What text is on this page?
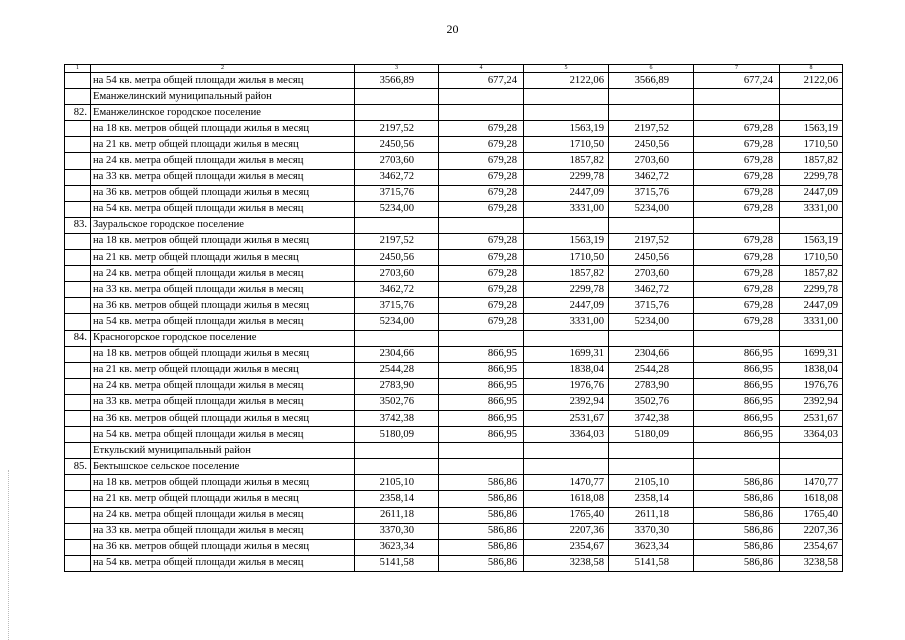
20
1	2	3	4	5	6	7	8
	на 54 кв. метра общей площади жилья в месяц	3566,89	677,24	2122,06	3566,89	677,24	2122,06
	Еманжелинский муниципальный район						
82.	Еманжелинское городское поселение						
	на 18 кв. метров общей площади жилья в месяц	2197,52	679,28	1563,19	2197,52	679,28	1563,19
	на 21 кв. метр общей площади жилья в месяц	2450,56	679,28	1710,50	2450,56	679,28	1710,50
	на 24 кв. метра общей площади жилья в месяц	2703,60	679,28	1857,82	2703,60	679,28	1857,82
	на 33 кв. метра общей площади жилья в месяц	3462,72	679,28	2299,78	3462,72	679,28	2299,78
	на 36 кв. метров общей площади жилья в месяц	3715,76	679,28	2447,09	3715,76	679,28	2447,09
	на 54 кв. метра общей площади жилья в месяц	5234,00	679,28	3331,00	5234,00	679,28	3331,00
83.	Зауральское городское поселение						
	на 18 кв. метров общей площади жилья в месяц	2197,52	679,28	1563,19	2197,52	679,28	1563,19
	на 21 кв. метр общей площади жилья в месяц	2450,56	679,28	1710,50	2450,56	679,28	1710,50
	на 24 кв. метра общей площади жилья в месяц	2703,60	679,28	1857,82	2703,60	679,28	1857,82
	на 33 кв. метра общей площади жилья в месяц	3462,72	679,28	2299,78	3462,72	679,28	2299,78
	на 36 кв. метров общей площади жилья в месяц	3715,76	679,28	2447,09	3715,76	679,28	2447,09
	на 54 кв. метра общей площади жилья в месяц	5234,00	679,28	3331,00	5234,00	679,28	3331,00
84.	Красногорское городское поселение						
	на 18 кв. метров общей площади жилья в месяц	2304,66	866,95	1699,31	2304,66	866,95	1699,31
	на 21 кв. метр общей площади жилья в месяц	2544,28	866,95	1838,04	2544,28	866,95	1838,04
	на 24 кв. метра общей площади жилья в месяц	2783,90	866,95	1976,76	2783,90	866,95	1976,76
	на 33 кв. метра общей площади жилья в месяц	3502,76	866,95	2392,94	3502,76	866,95	2392,94
	на 36 кв. метров общей площади жилья в месяц	3742,38	866,95	2531,67	3742,38	866,95	2531,67
	на 54 кв. метра общей площади жилья в месяц	5180,09	866,95	3364,03	5180,09	866,95	3364,03
	Еткульский муниципальный район						
85.	Бектышское сельское поселение						
	на 18 кв. метров общей площади жилья в месяц	2105,10	586,86	1470,77	2105,10	586,86	1470,77
	на 21 кв. метр общей площади жилья в месяц	2358,14	586,86	1618,08	2358,14	586,86	1618,08
	на 24 кв. метра общей площади жилья в месяц	2611,18	586,86	1765,40	2611,18	586,86	1765,40
	на 33 кв. метра общей площади жилья в месяц	3370,30	586,86	2207,36	3370,30	586,86	2207,36
	на 36 кв. метров общей площади жилья в месяц	3623,34	586,86	2354,67	3623,34	586,86	2354,67
	на 54 кв. метра общей площади жилья в месяц	5141,58	586,86	3238,58	5141,58	586,86	3238,58
